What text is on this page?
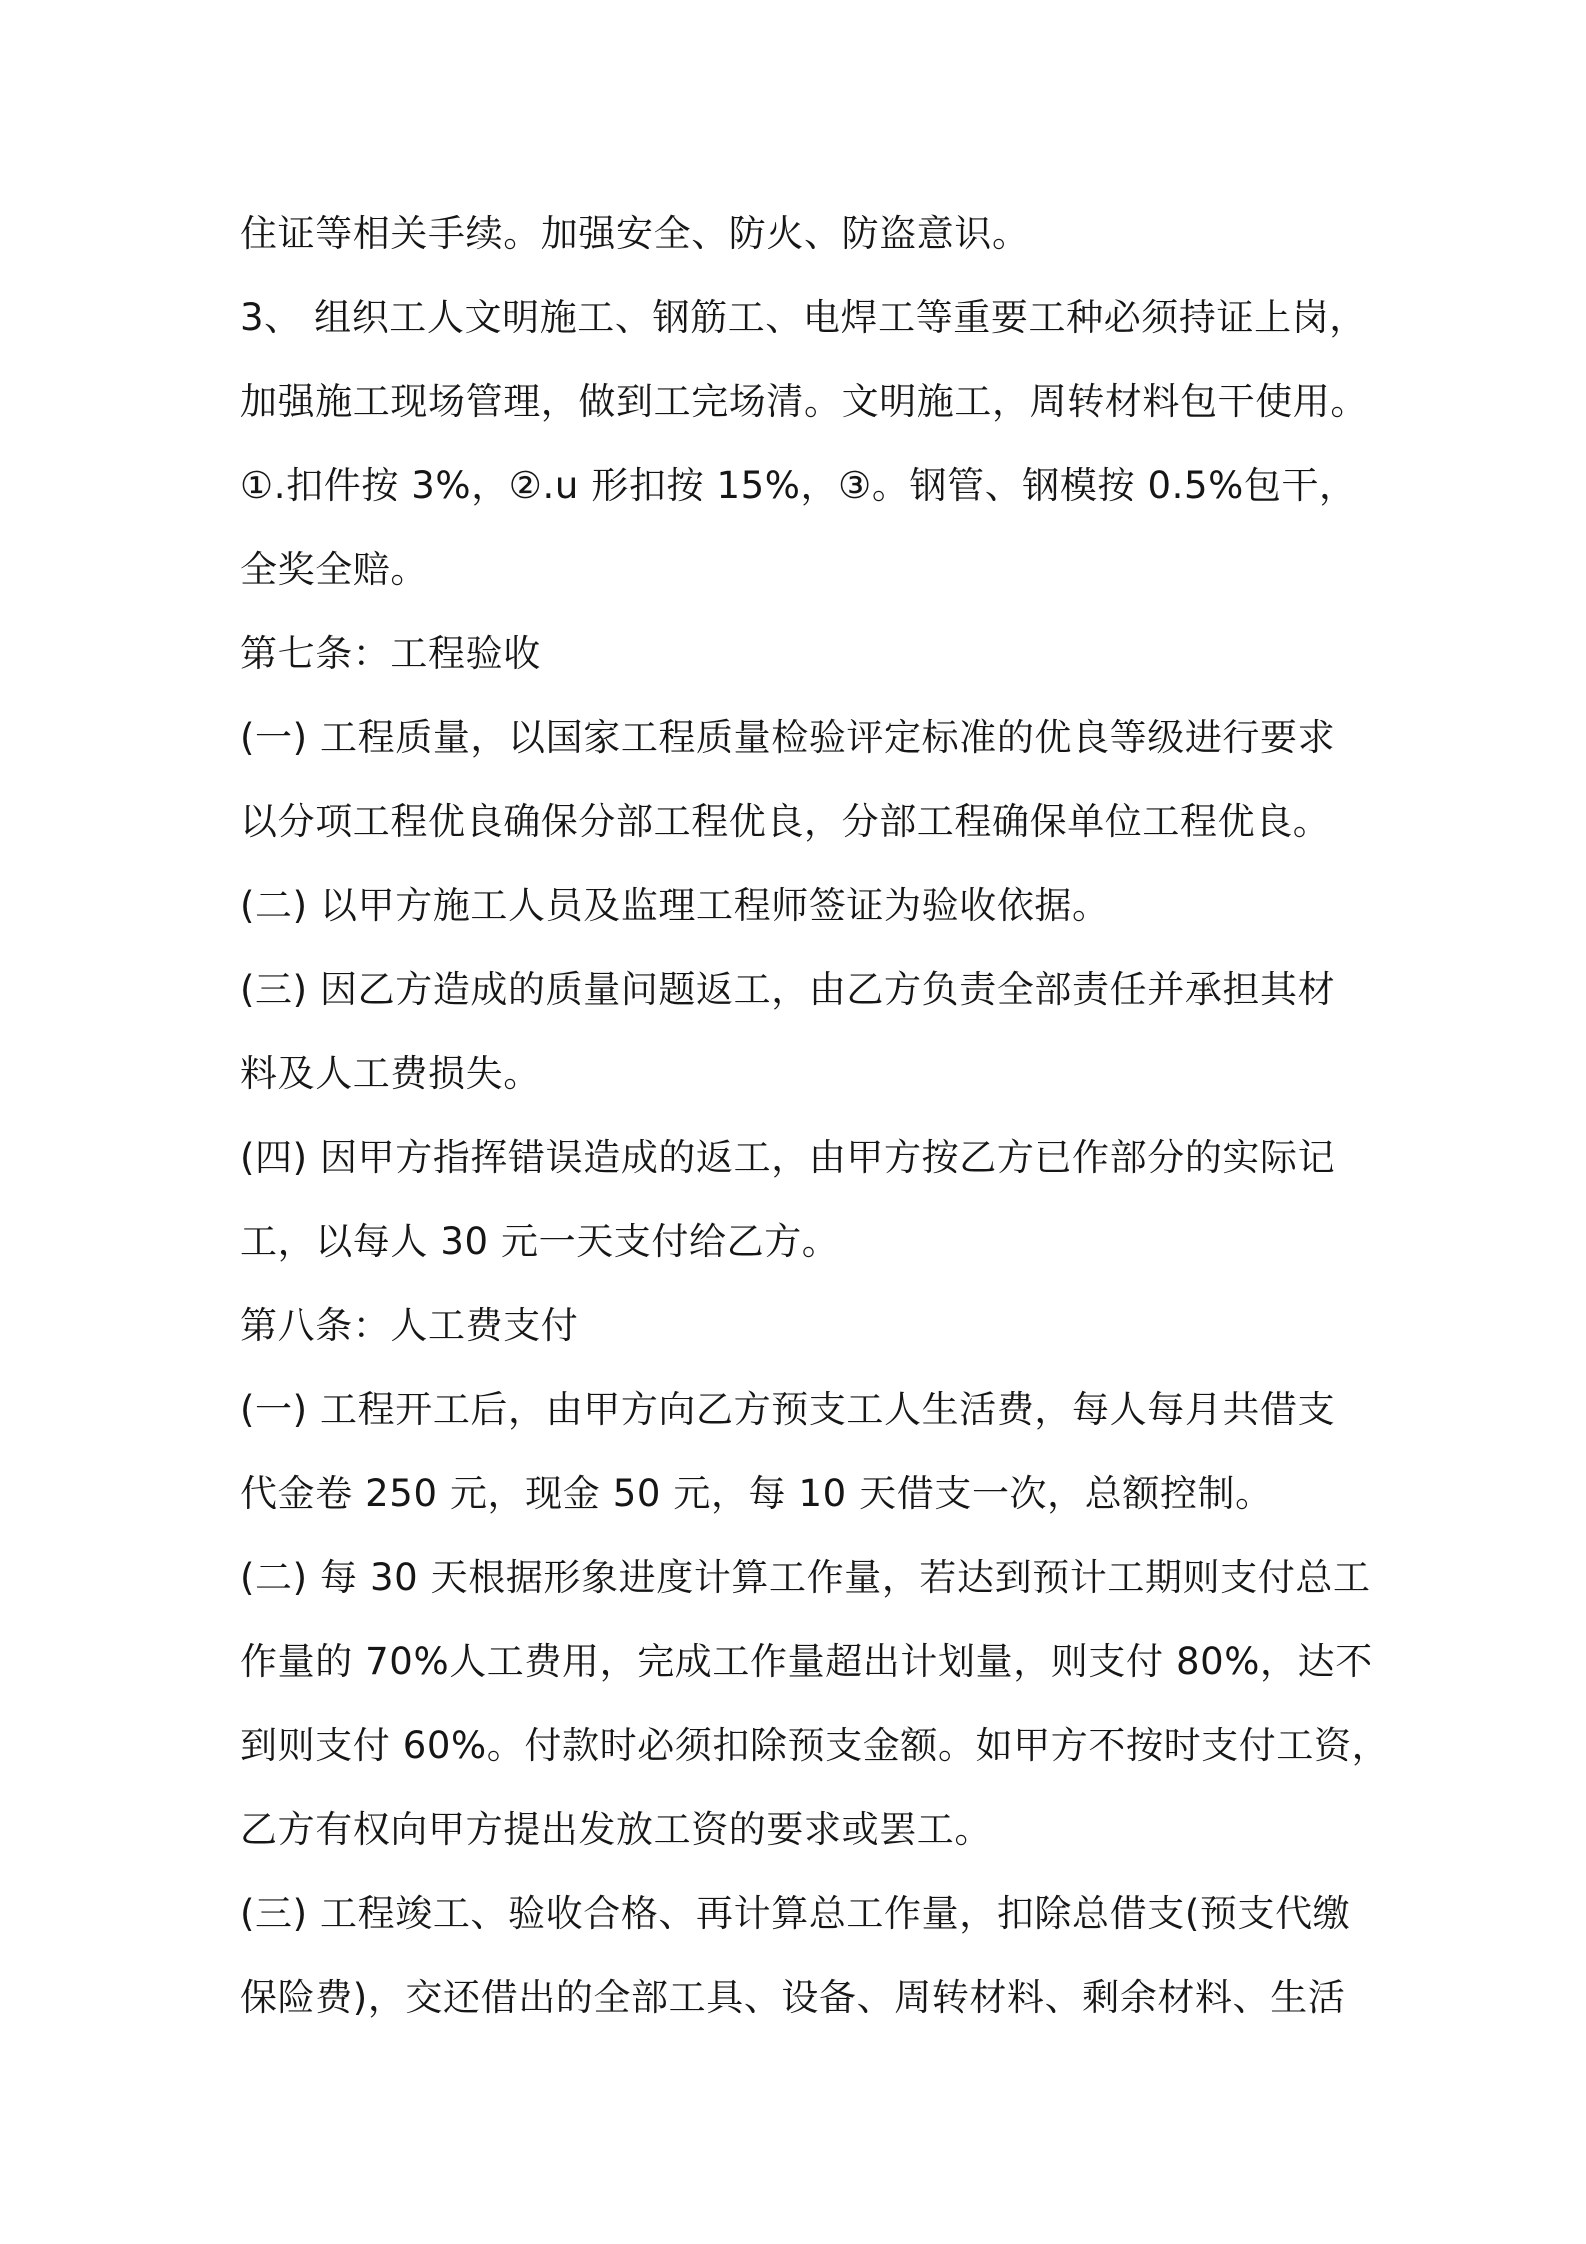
住证等相关手续。加强安全、防火、防盗意识。
3、 组织工人文明施工、钢筋工、电焊工等重要工种必须持证上岗，
加强施工现场管理，做到工完场清。文明施工，周转材料包干使用。
①.扣件按 3%，②.u 形扣按 15%，③。钢管、钢模按 0.5%包干，
全奖全赔。
第七条：工程验收
(一) 工程质量，以国家工程质量检验评定标准的优良等级进行要求
以分项工程优良确保分部工程优良，分部工程确保单位工程优良。
(二) 以甲方施工人员及监理工程师签证为验收依据。
(三) 因乙方造成的质量问题返工，由乙方负责全部责任并承担其材
料及人工费损失。
(四) 因甲方指挥错误造成的返工，由甲方按乙方已作部分的实际记
工，以每人 30 元一天支付给乙方。
第八条：人工费支付
(一) 工程开工后，由甲方向乙方预支工人生活费，每人每月共借支
代金卷 250 元，现金 50 元，每 10 天借支一次，总额控制。
(二) 每 30 天根据形象进度计算工作量，若达到预计工期则支付总工
作量的 70%人工费用，完成工作量超出计划量，则支付 80%，达不
到则支付 60%。付款时必须扣除预支金额。如甲方不按时支付工资，
乙方有权向甲方提出发放工资的要求或罢工。
(三) 工程竣工、验收合格、再计算总工作量，扣除总借支(预支代缴
保险费)，交还借出的全部工具、设备、周转材料、剩余材料、生活
